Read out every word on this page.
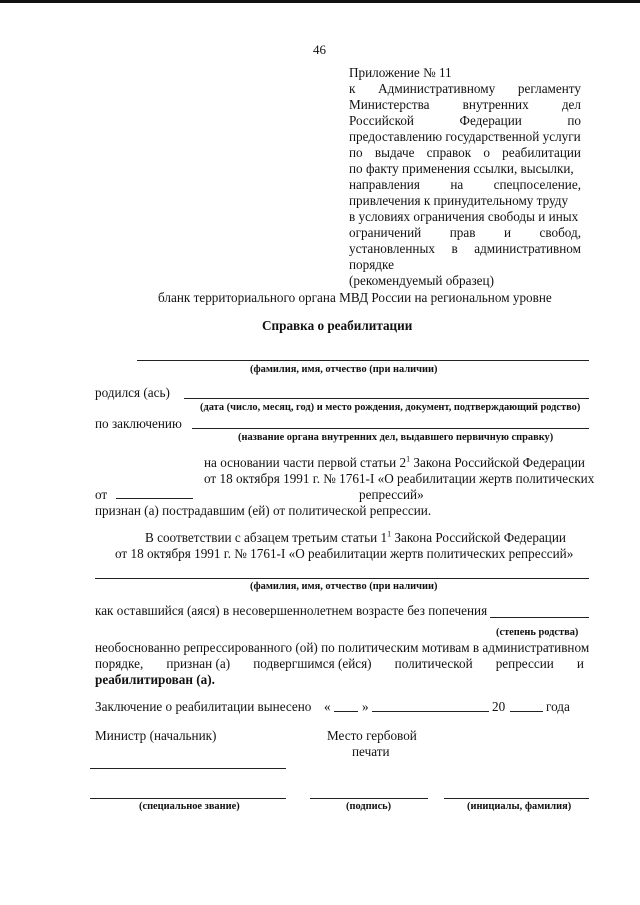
46
Приложение № 11
к Административному регламенту
Министерства	внутренних	дел
Российской	Федерации	по
предоставлению государственной услуги
по выдаче справок о реабилитации
по факту применения ссылки, высылки,
направления на спецпоселение,
привлечения к принудительному труду
в условиях ограничения свободы и иных
ограничений прав и свобод,
установленных в административном
порядке
(рекомендуемый образец)
бланк территориального органа МВД России на региональном уровне
Справка о реабилитации
(фамилия, имя, отчество (при наличии)
родился (ась)
(дата (число, месяц, год) и место рождения, документ, подтверждающий родство)
по заключению
(название органа внутренних дел, выдавшего первичную справку)
на основании части первой статьи $2^1$ Закона Российской Федерации
от 18 октября 1991 г. № 1761-I «О реабилитации жертв политических
от	репрессий»
признан (а) пострадавшим (ей) от политической репрессии.
В соответствии с абзацем третьим статьи $1^1$ Закона Российской Федерации
от 18 октября 1991 г. № 1761-I «О реабилитации жертв политических репрессий»
(фамилия, имя, отчество (при наличии)
как оставшийся (аяся) в несовершеннолетнем возрасте без попечения
(степень родства)
необоснованно репрессированного (ой) по политическим мотивам в административном
порядке, признан (а) подвергшимся (ейся) политической репрессии и
реабилитирован (а).
Заключение о реабилитации вынесено « »	20	года
Министр (начальник)	Место гербовой
печати
(специальное звание)	(подпись)	(инициалы, фамилия)
